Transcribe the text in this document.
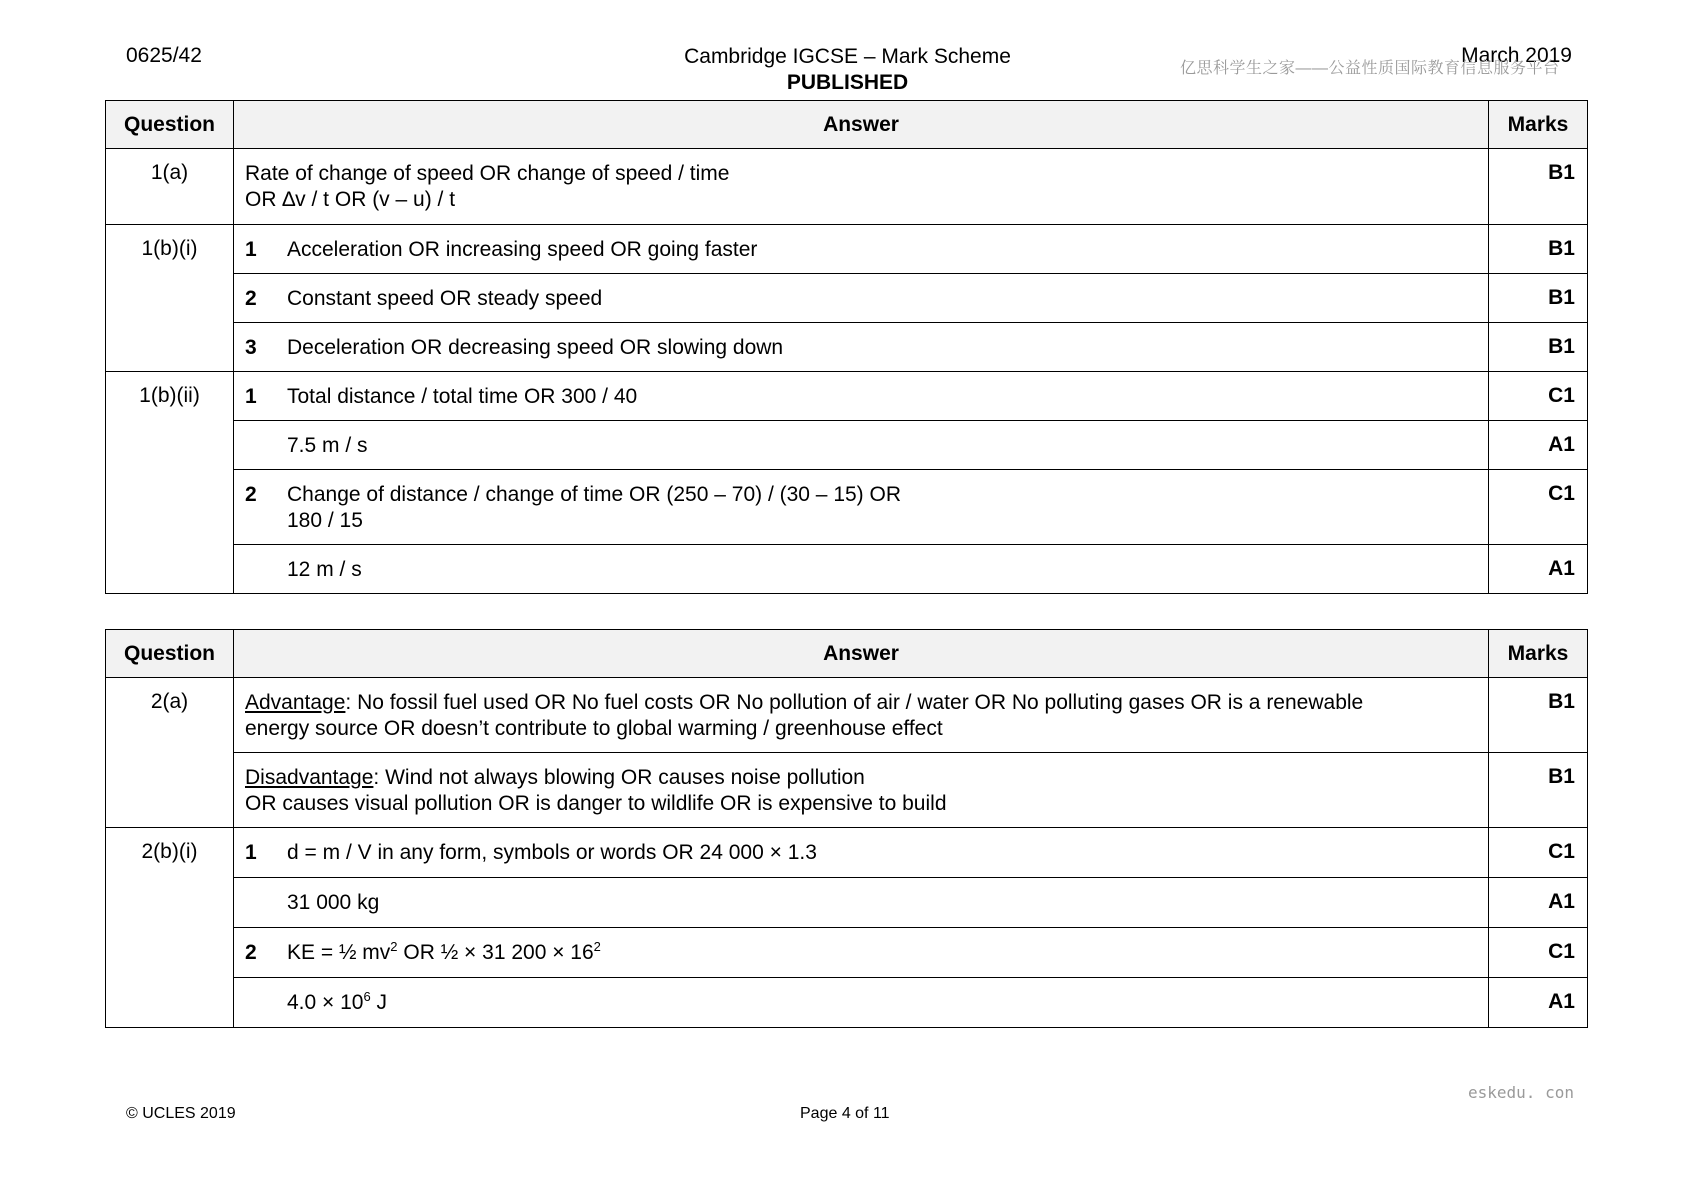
0625/42	Cambridge IGCSE – Mark Scheme
PUBLISHED
March 2019
亿思科学生之家——公益性质国际教育信息服务平台
Question	Answer	Marks
1(a)	Rate of change of speed OR change of speed / time
OR ∆v / t OR (v – u) / t	B1
1(b)(i)	1 Acceleration OR increasing speed OR going faster	B1
	2 Constant speed OR steady speed	B1
	3 Deceleration OR decreasing speed OR slowing down	B1
1(b)(ii)	1 Total distance / total time OR 300 / 40	C1
	7.5 m / s	A1
	2 Change of distance / change of time OR (250 – 70) / (30 – 15) OR
180 / 15	C1
	12 m / s	A1
Question	Answer	Marks
2(a)	Advantage: No fossil fuel used OR No fuel costs OR No pollution of air / water OR No polluting gases OR is a renewable
energy source OR doesn’t contribute to global warming / greenhouse effect	B1
	Disadvantage: Wind not always blowing OR causes noise pollution
OR causes visual pollution OR is danger to wildlife OR is expensive to build	B1
2(b)(i)	1 d = m / V in any form, symbols or words OR 24 000 × 1.3	C1
	31 000 kg	A1
	2 KE = ½ $mv^2$ OR ½ × 31 $200 \times 16^2$	C1
	$4.0 \times 10^6$ J	A1
eskedu. con
© UCLES 2019	Page 4 of 11
